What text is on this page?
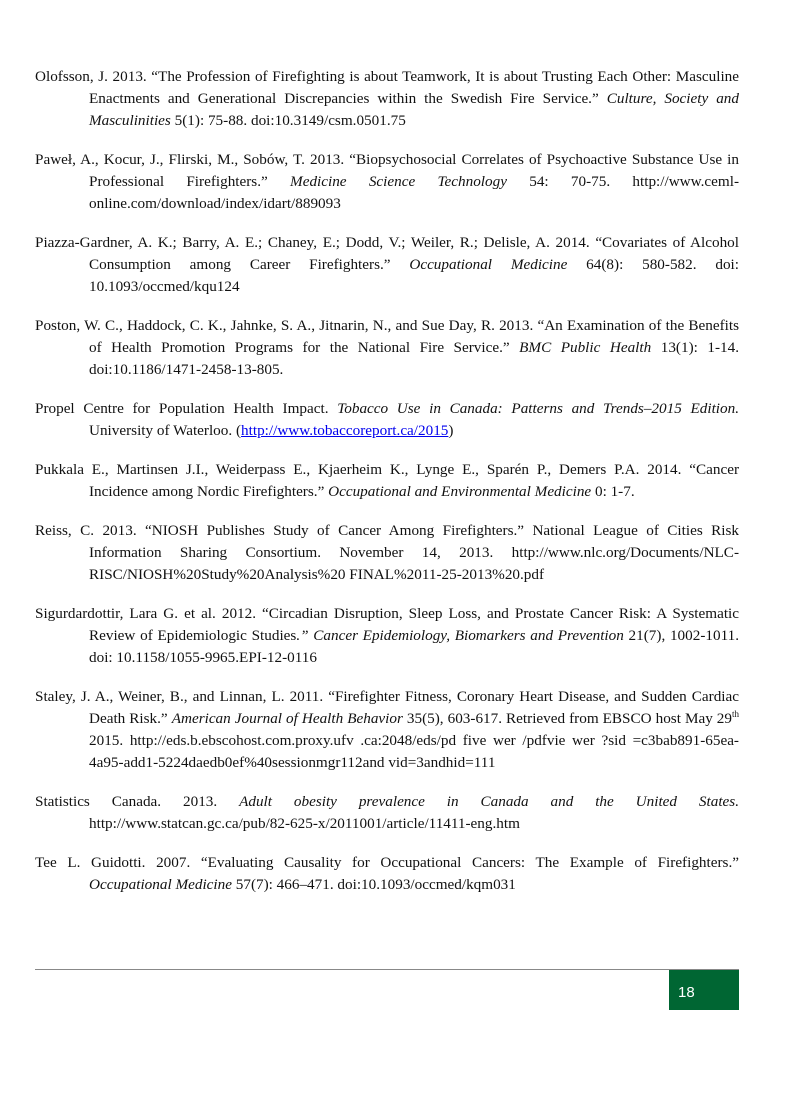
Olofsson, J. 2013. “The Profession of Firefighting is about Teamwork, It is about Trusting Each Other: Masculine Enactments and Generational Discrepancies within the Swedish Fire Service.” Culture, Society and Masculinities 5(1): 75-88. doi:10.3149/csm.0501.75

Paweł, A., Kocur, J., Flirski, M., Sobów, T. 2013. “Biopsychosocial Correlates of Psychoactive Substance Use in Professional Firefighters.” Medicine Science Technology 54: 70-75. http://www.ceml-online.com/download/index/idart/889093

Piazza-Gardner, A. K.; Barry, A. E.; Chaney, E.; Dodd, V.; Weiler, R.; Delisle, A. 2014. “Covariates of Alcohol Consumption among Career Firefighters.” Occupational Medicine 64(8): 580-582. doi: 10.1093/occmed/kqu124

Poston, W. C., Haddock, C. K., Jahnke, S. A., Jitnarin, N., and Sue Day, R. 2013. “An Examination of the Benefits of Health Promotion Programs for the National Fire Service.” BMC Public Health 13(1): 1-14. doi:10.1186/1471-2458-13-805.

Propel Centre for Population Health Impact. Tobacco Use in Canada: Patterns and Trends–2015 Edition. University of Waterloo. (http://www.tobaccoreport.ca/2015)

Pukkala E., Martinsen J.I., Weiderpass E., Kjaerheim K., Lynge E., Sparén P., Demers P.A. 2014. “Cancer Incidence among Nordic Firefighters.” Occupational and Environmental Medicine 0: 1-7.

Reiss, C. 2013. “NIOSH Publishes Study of Cancer Among Firefighters.” National League of Cities Risk Information Sharing Consortium. November 14, 2013. http://www.nlc.org/Documents/NLC-RISC/NIOSH%20Study%20Analysis%20 FINAL%2011-25-2013%20.pdf

Sigurdardottir, Lara G. et al. 2012. “Circadian Disruption, Sleep Loss, and Prostate Cancer Risk: A Systematic Review of Epidemiologic Studies.” Cancer Epidemiology, Biomarkers and Prevention 21(7), 1002-1011. doi: 10.1158/1055-9965.EPI-12-0116

Staley, J. A., Weiner, B., and Linnan, L. 2011. “Firefighter Fitness, Coronary Heart Disease, and Sudden Cardiac Death Risk.” American Journal of Health Behavior 35(5), 603-617. Retrieved from EBSCO host May 29th 2015. http://eds.b.ebscohost.com.proxy.ufv .ca:2048/eds/pd five wer /pdfvie wer ?sid =c3bab891-65ea-4a95-add1-5224daedb0ef%40sessionmgr112and vid=3andhid=111

Statistics Canada. 2013. Adult obesity prevalence in Canada and the United States. http://www.statcan.gc.ca/pub/82-625-x/2011001/article/11411-eng.htm

Tee L. Guidotti. 2007. “Evaluating Causality for Occupational Cancers: The Example of Firefighters.” Occupational Medicine 57(7): 466–471. doi:10.1093/occmed/kqm031

18
